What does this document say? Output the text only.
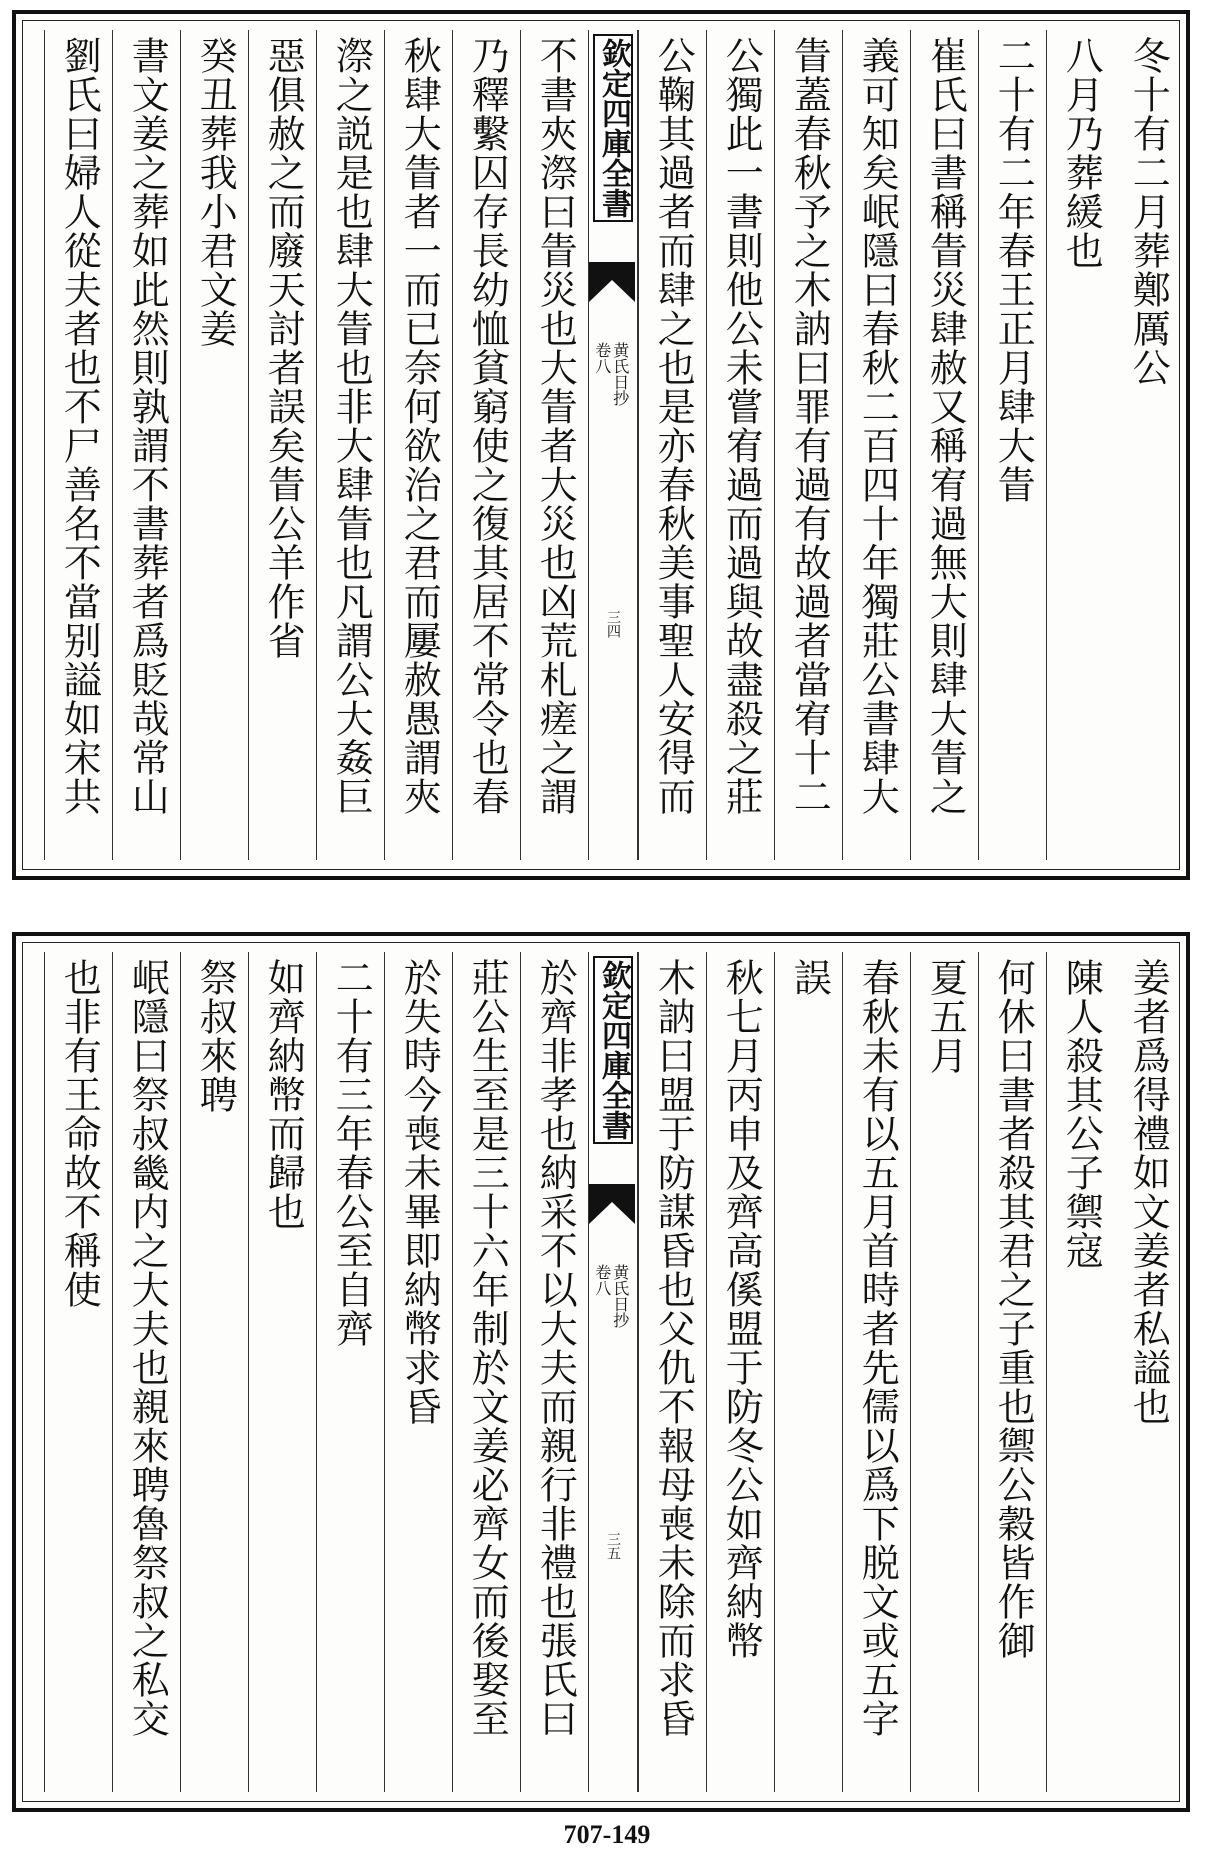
冬十有二月葬鄭厲公
八月乃葬緩也
二十有二年春王正月肆大眚
崔氏曰書稱眚災肆赦又稱宥過無大則肆大眚之
義可知矣岷隱曰春秋二百四十年獨莊公書肆大
眚蓋春秋予之木訥曰罪有過有故過者當宥十二
公獨此一書則他公未嘗宥過而過與故盡殺之莊
公鞠其過者而肆之也是亦春秋美事聖人安得而
欽定四庫全書
黄氏日抄
卷八
三四
不書夾漈曰眚災也大眚者大災也凶荒札瘥之謂
乃釋繫囚存長幼恤貧窮使之復其居不常令也春
秋肆大眚者一而已奈何欲治之君而屢赦愚謂夾
漈之説是也肆大眚也非大肆眚也凡謂公大姦巨
惡俱赦之而廢天討者誤矣眚公羊作省
癸丑葬我小君文姜
書文姜之葬如此然則孰謂不書葬者爲貶哉常山
劉氏曰婦人從夫者也不尸善名不當别謚如宋共
姜者爲得禮如文姜者私謚也
陳人殺其公子禦寇
何休曰書者殺其君之子重也禦公穀皆作御
夏五月
春秋未有以五月首時者先儒以爲下脱文或五字
誤
秋七月丙申及齊高傒盟于防冬公如齊納幣
木訥曰盟于防謀昏也父仇不報母喪未除而求昏
欽定四庫全書
黄氏日抄
卷八
三五
於齊非孝也納采不以大夫而親行非禮也張氏曰
莊公生至是三十六年制於文姜必齊女而後娶至
於失時今喪未畢即納幣求昏
二十有三年春公至自齊
如齊納幣而歸也
祭叔來聘
岷隱曰祭叔畿内之大夫也親來聘魯祭叔之私交
也非有王命故不稱使
707-149
